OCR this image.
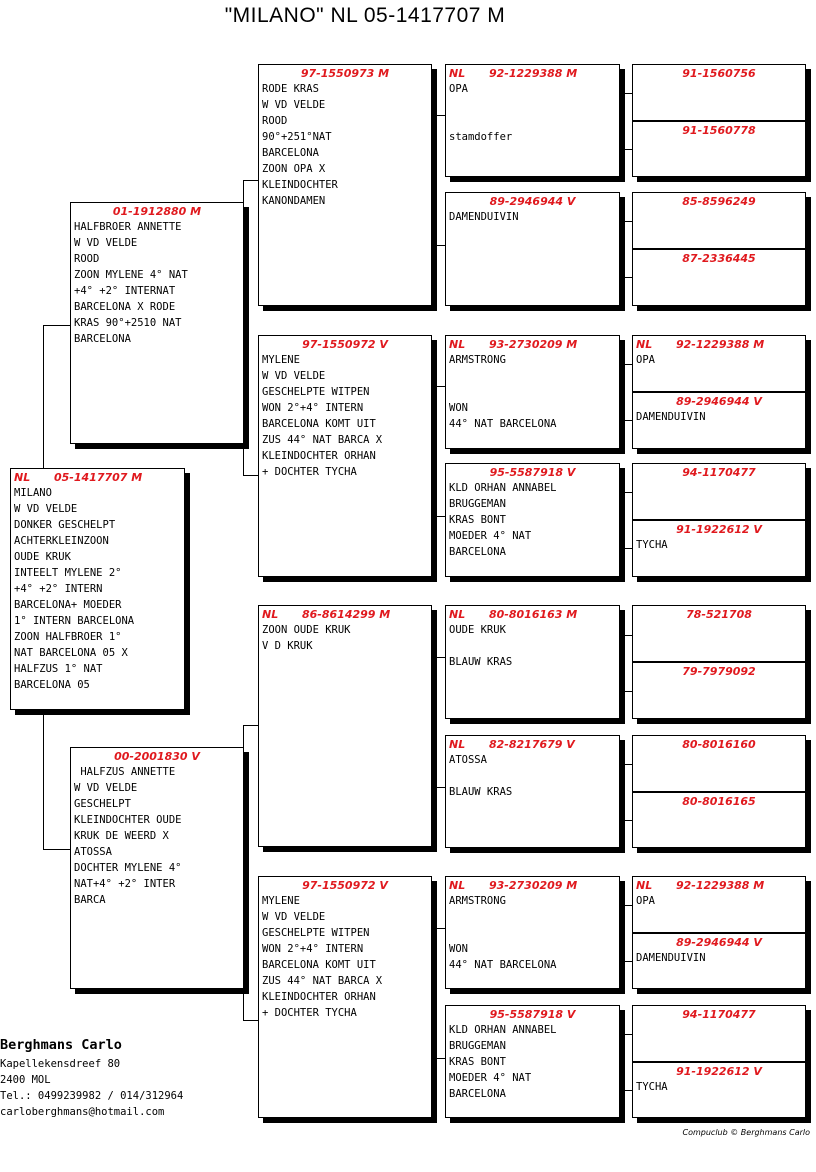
"MILANO" NL 05-1417707 M
NL 05-1417707 M
MILANO
W VD VELDE
DONKER GESCHELPT
ACHTERKLEINZOON
OUDE KRUK
INTEELT MYLENE 2°
+4° +2° INTERN
BARCELONA+ MOEDER
1° INTERN BARCELONA
ZOON HALFBROER 1°
NAT BARCELONA 05 X
HALFZUS 1° NAT
BARCELONA 05
01-1912880 M
HALFBROER ANNETTE
W VD VELDE
ROOD
ZOON MYLENE 4° NAT
+4° +2° INTERNAT
BARCELONA X RODE
KRAS 90°+2510 NAT
BARCELONA
00-2001830 V
HALFZUS ANNETTE
W VD VELDE
GESCHELPT
KLEINDOCHTER OUDE
KRUK DE WEERD X
ATOSSA
DOCHTER MYLENE 4°
NAT+4° +2° INTER
BARCA
97-1550973 M
RODE KRAS
W VD VELDE
ROOD
90°+251°NAT
BARCELONA
ZOON OPA X
KLEINDOCHTER
KANONDAMEN
97-1550972 V
MYLENE
W VD VELDE
GESCHELPTE WITPEN
WON 2°+4° INTERN
BARCELONA KOMT UIT
ZUS 44° NAT BARCA X
KLEINDOCHTER ORHAN
+ DOCHTER TYCHA
NL 86-8614299 M
ZOON OUDE KRUK
V D KRUK
97-1550972 V
MYLENE
W VD VELDE
GESCHELPTE WITPEN
WON 2°+4° INTERN
BARCELONA KOMT UIT
ZUS 44° NAT BARCA X
KLEINDOCHTER ORHAN
+ DOCHTER TYCHA
NL 92-1229388 M
OPA

stamdoffer
89-2946944 V
DAMENDUIVIN
NL 93-2730209 M
ARMSTRONG

WON
44° NAT BARCELONA
95-5587918 V
KLD ORHAN ANNABEL
BRUGGEMAN
KRAS BONT
MOEDER 4° NAT
BARCELONA
NL 80-8016163 M
OUDE KRUK

BLAUW KRAS
NL 82-8217679 V
ATOSSA

BLAUW KRAS
NL 93-2730209 M
ARMSTRONG

WON
44° NAT BARCELONA
95-5587918 V
KLD ORHAN ANNABEL
BRUGGEMAN
KRAS BONT
MOEDER 4° NAT
BARCELONA
91-1560756
91-1560778
85-8596249
87-2336445
NL 92-1229388 M
OPA
89-2946944 V
DAMENDUIVIN
94-1170477
91-1922612 V
TYCHA
78-521708
79-7979092
80-8016160
80-8016165
NL 92-1229388 M
OPA
89-2946944 V
DAMENDUIVIN
94-1170477
91-1922612 V
TYCHA
Berghmans Carlo
Kapellekensdreef 80
2400 MOL
Tel.: 0499239982 / 014/312964
carloberghmans@hotmail.com
Compuclub © Berghmans Carlo
